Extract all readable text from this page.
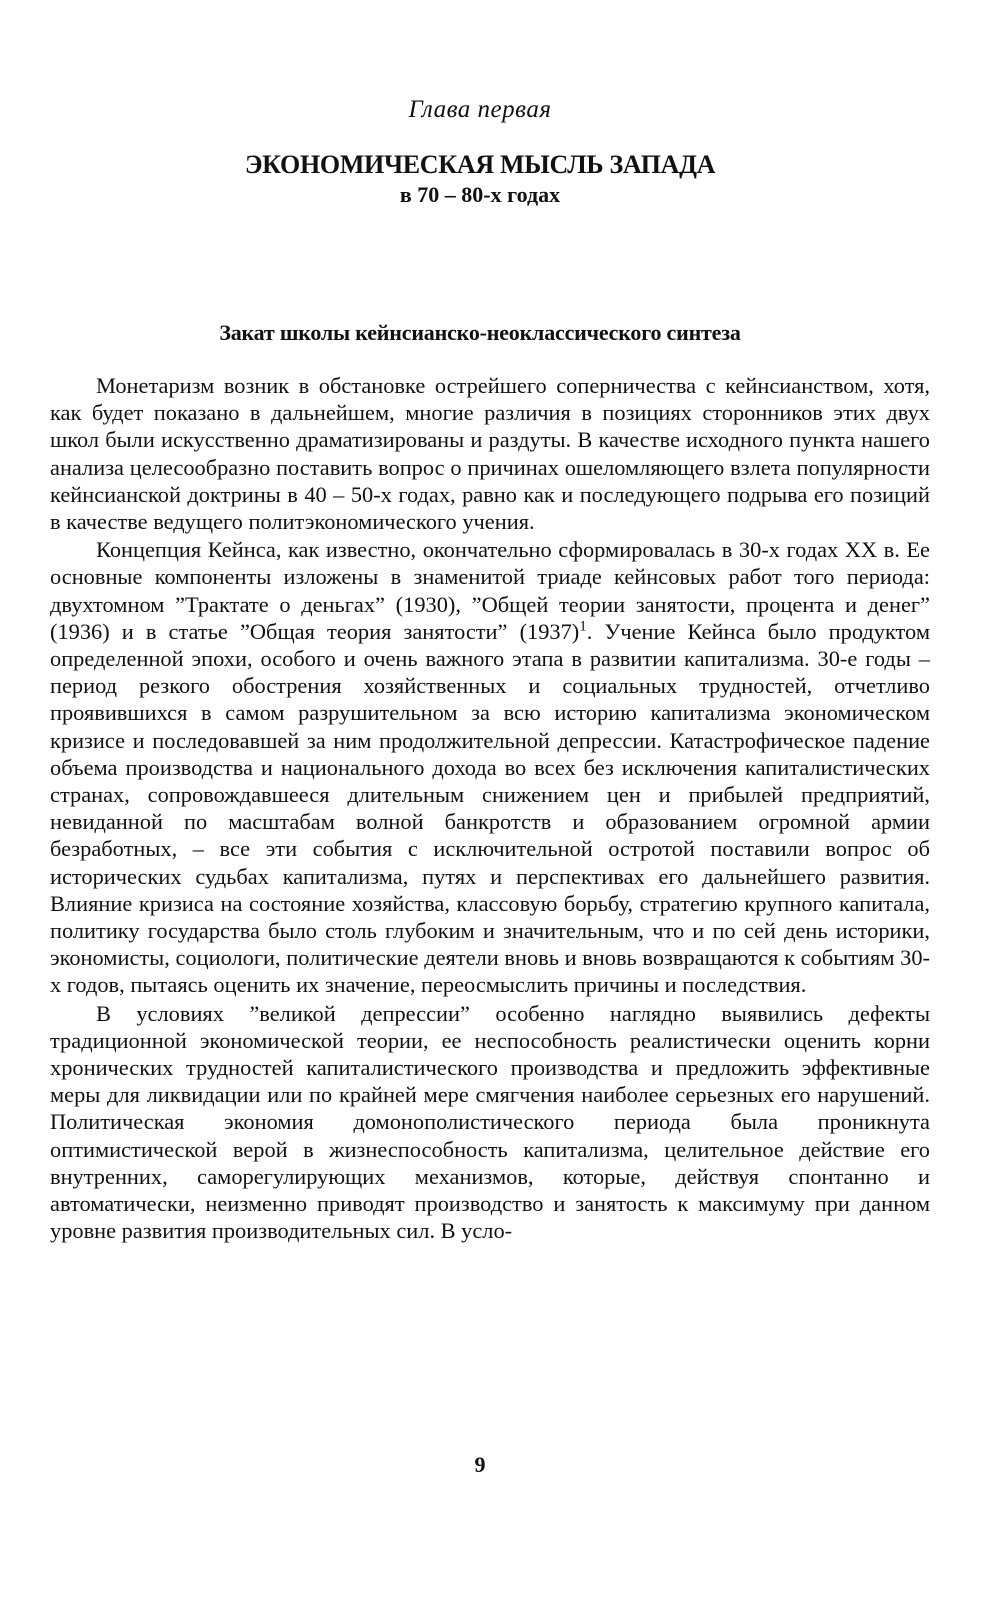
Глава первая
ЭКОНОМИЧЕСКАЯ МЫСЛЬ ЗАПАДА
в 70 – 80-х годах
Закат школы кейнсианско-неоклассического синтеза

Монетаризм возник в обстановке острейшего соперничества с кейнсианством, хотя, как будет показано в дальнейшем, многие различия в позициях сторонников этих двух школ были искусственно драматизированы и раздуты. В качестве исходного пункта нашего анализа целесообразно поставить вопрос о причинах ошеломляющего взлета популярности кейнсианской доктрины в 40 – 50-х годах, равно как и последующего подрыва его позиций в качестве ведущего политэкономического учения.

Концепция Кейнса, как известно, окончательно сформировалась в 30-х годах XX в. Ее основные компоненты изложены в знаменитой триаде кейнсовых работ того периода: двухтомном ”Трактате о деньгах” (1930), ”Общей теории занятости, процента и денег” (1936) и в статье ”Общая теория занятости” (1937)$^1$. Учение Кейнса было продуктом определенной эпохи, особого и очень важного этапа в развитии капитализма. 30-е годы – период резкого обострения хозяйственных и социальных трудностей, отчетливо проявившихся в самом разрушительном за всю историю капитализма экономическом кризисе и последовавшей за ним продолжительной депрессии. Катастрофическое падение объема производства и национального дохода во всех без исключения капиталистических странах, сопровождавшееся длительным снижением цен и прибылей предприятий, невиданной по масштабам волной банкротств и образованием огромной армии безработных, – все эти события с исключительной остротой поставили вопрос об исторических судьбах капитализма, путях и перспективах его дальнейшего развития. Влияние кризиса на состояние хозяйства, классовую борьбу, стратегию крупного капитала, политику государства было столь глубоким и значительным, что и по сей день историки, экономисты, социологи, политические деятели вновь и вновь возвращаются к событиям 30-х годов, пытаясь оценить их значение, переосмыслить причины и последствия.

В условиях ”великой депрессии” особенно наглядно выявились дефекты традиционной экономической теории, ее неспособность реалистически оценить корни хронических трудностей капиталистического производства и предложить эффективные меры для ликвидации или по крайней мере смягчения наиболее серьезных его нарушений. Политическая экономия домонополистического периода была проникнута оптимистической верой в жизнеспособность капитализма, целительное действие его внутренних, саморегулирующих механизмов, которые, действуя спонтанно и автоматически, неизменно приводят производство и занятость к максимуму при данном уровне развития производительных сил. В усло-

9
